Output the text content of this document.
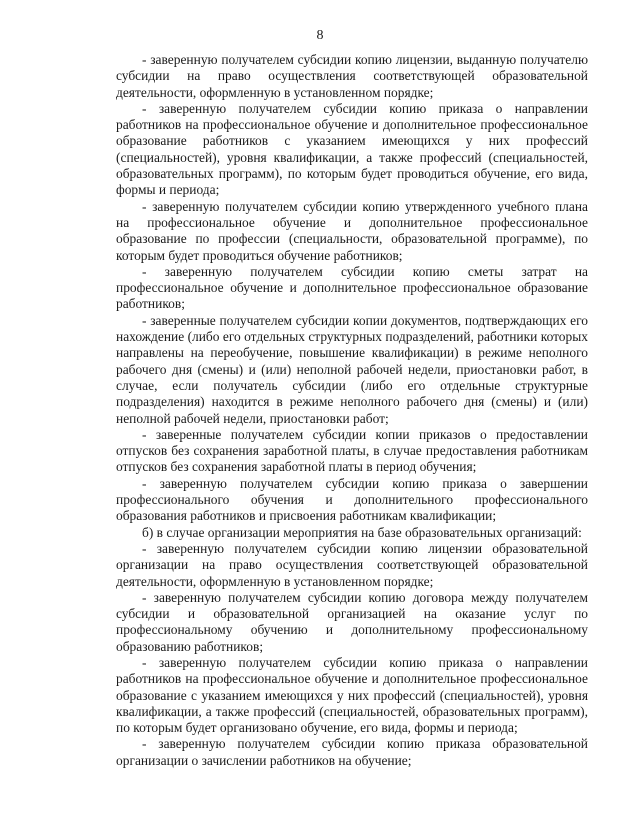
8

- заверенную получателем субсидии копию лицензии, выданную получателю субсидии на право осуществления соответствующей образовательной деятельности, оформленную в установленном порядке;

- заверенную получателем субсидии копию приказа о направлении работников на профессиональное обучение и дополнительное профессиональное образование работников с указанием имеющихся у них профессий (специальностей), уровня квалификации, а также профессий (специальностей, образовательных программ), по которым будет проводиться обучение, его вида, формы и периода;

- заверенную получателем субсидии копию утвержденного учебного плана на профессиональное обучение и дополнительное профессиональное образование по профессии (специальности, образовательной программе), по которым будет проводиться обучение работников;

- заверенную получателем субсидии копию сметы затрат на профессиональное обучение и дополнительное профессиональное образование работников;

- заверенные получателем субсидии копии документов, подтверждающих его нахождение (либо его отдельных структурных подразделений, работники которых направлены на переобучение, повышение квалификации) в режиме неполного рабочего дня (смены) и (или) неполной рабочей недели, приостановки работ, в случае, если получатель субсидии (либо его отдельные структурные подразделения) находится в режиме неполного рабочего дня (смены) и (или) неполной рабочей недели, приостановки работ;

- заверенные получателем субсидии копии приказов о предоставлении отпусков без сохранения заработной платы, в случае предоставления работникам отпусков без сохранения заработной платы в период обучения;

- заверенную получателем субсидии копию приказа о завершении профессионального обучения и дополнительного профессионального образования работников и присвоения работникам квалификации;

б) в случае организации мероприятия на базе образовательных организаций:

- заверенную получателем субсидии копию лицензии образовательной организации на право осуществления соответствующей образовательной деятельности, оформленную в установленном порядке;

- заверенную получателем субсидии копию договора между получателем субсидии и образовательной организацией на оказание услуг по профессиональному обучению и дополнительному профессиональному образованию работников;

- заверенную получателем субсидии копию приказа о направлении работников на профессиональное обучение и дополнительное профессиональное образование с указанием имеющихся у них профессий (специальностей), уровня квалификации, а также профессий (специальностей, образовательных программ), по которым будет организовано обучение, его вида, формы и периода;

- заверенную получателем субсидии копию приказа образовательной организации о зачислении работников на обучение;
